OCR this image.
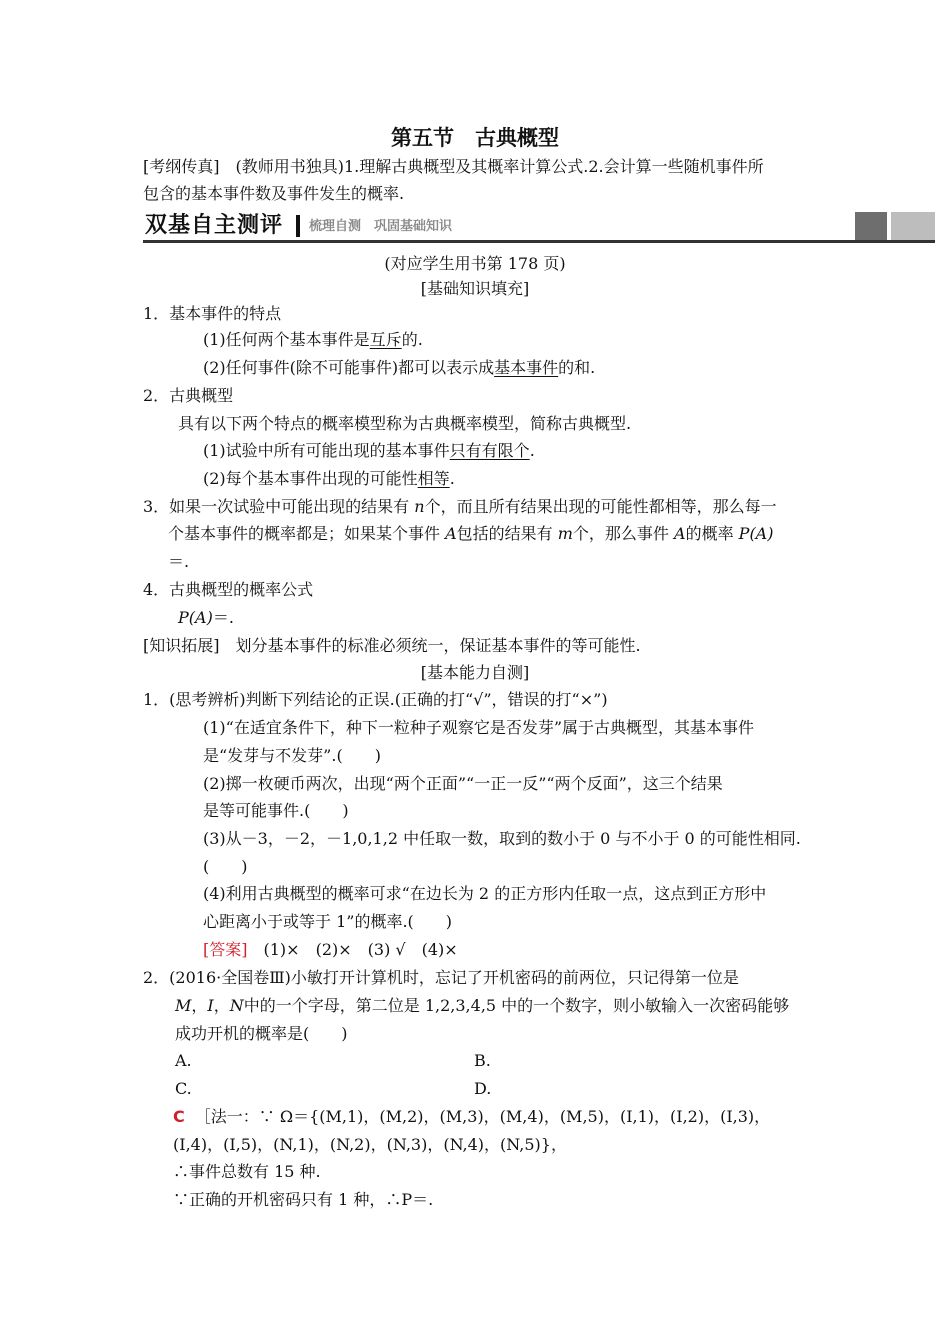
第五节　古典概型
[考纲传真]　(教师用书独具)1.理解古典概型及其概率计算公式.2.会计算一些随机事件所
包含的基本事件数及事件发生的概率.
双基自主测评 梳理自测　巩固基础知识
(对应学生用书第 178 页)
[基础知识填充]
1．基本事件的特点
(1)任何两个基本事件是互斥的.
(2)任何事件(除不可能事件)都可以表示成基本事件的和.
2．古典概型
具有以下两个特点的概率模型称为古典概率模型，简称古典概型.
(1)试验中所有可能出现的基本事件只有有限个.
(2)每个基本事件出现的可能性相等.
3．如果一次试验中可能出现的结果有 n个，而且所有结果出现的可能性都相等，那么每一
个基本事件的概率都是；如果某个事件 A包括的结果有 m个，那么事件 A的概率 P(A)
＝.
4．古典概型的概率公式
P(A)＝.
[知识拓展]　划分基本事件的标准必须统一，保证基本事件的等可能性.
[基本能力自测]
1．(思考辨析)判断下列结论的正误.(正确的打“√”，错误的打“×”)
(1)“在适宜条件下，种下一粒种子观察它是否发芽”属于古典概型，其基本事件
是“发芽与不发芽”.(　　)
(2)掷一枚硬币两次，出现“两个正面”“一正一反”“两个反面”，这三个结果
是等可能事件.(　　)
(3)从－3，－2，－1,0,1,2 中任取一数，取到的数小于 0 与不小于 0 的可能性相同.
(　　)
(4)利用古典概型的概率可求“在边长为 2 的正方形内任取一点，这点到正方形中
心距离小于或等于 1”的概率.(　　)
[答案]　(1)×　(2)×　(3) √　(4)×
2．(2016·全国卷Ⅲ)小敏打开计算机时，忘记了开机密码的前两位，只记得第一位是
M，I，N中的一个字母，第二位是 1,2,3,4,5 中的一个数字，则小敏输入一次密码能够
成功开机的概率是(　　)
A.	B.
C.	D.
C ［法一：∵ Ω＝{(M,1)，(M,2)，(M,3)，(M,4)，(M,5)，(I,1)，(I,2)，(I,3)，
(I,4)，(I,5)，(N,1)，(N,2)，(N,3)，(N,4)，(N,5)}，
∴事件总数有 15 种.
∵正确的开机密码只有 1 种，∴P＝.
